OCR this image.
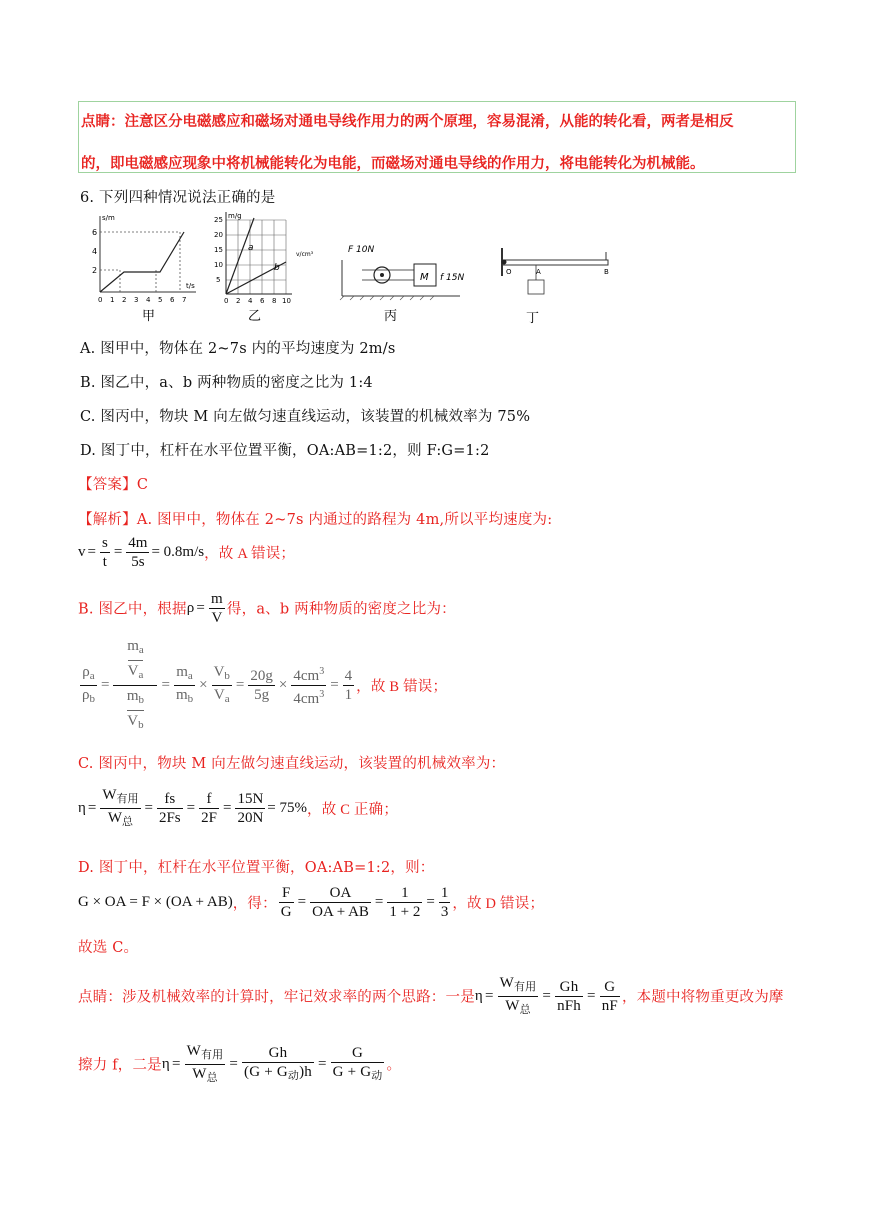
点睛：注意区分电磁感应和磁场对通电导线作用力的两个原理，容易混淆，从能的转化看，两者是相反
的，即电磁感应现象中将机械能转化为电能，而磁场对通电导线的作用力，将电能转化为机械能。
6. 下列四种情况说法正确的是
s/m
t/s
2
4
6
0 1 2 3 4 5 6 7
甲
m/g
v/cm³
5
10
15
20
25
0 2 4 6 8 10
a
b
乙
F 10N
M f 15N
丙
O	A	B
丁
A. 图甲中，物体在 2~7s 内的平均速度为 2m/s
B. 图乙中，a、b 两种物质的密度之比为 1:4
C. 图丙中，物块 M 向左做匀速直线运动，该装置的机械效率为 75%
D. 图丁中，杠杆在水平位置平衡，OA:AB=1:2，则 F:G=1:2
【答案】C
【解析】A. 图甲中，物体在 2~7s 内通过的路程为 4m,所以平均速度为:
$v = \frac{s}{t} = \frac{4m}{5s} = 0.8m/s$，故 A 错误；
B. 图乙中，根据$\rho = \frac{m}{V}$ 得，a、b 两种物质的密度之比为：
$\frac{\rho_a}{\rho_b}$ =
$m_a$
$V_a$
$m_b$
$V_b$
= $\frac{m_a}{m_b} \times \frac{V_b}{V_a} = \frac{20g}{5g} \times \frac{4cm^3}{4cm^3} = \frac{4}{1}$ ，故 B 错误；
C. 图丙中，物块 M 向左做匀速直线运动，该装置的机械效率为：
$\eta = \frac{W_{有用}}{W_总} = \frac{fs}{2Fs} = \frac{f}{2F} = \frac{15N}{20N} = 75\%$，故 C 正确；
D. 图丁中，杠杆在水平位置平衡，OA:AB=1:2，则：
G × OA = F × (OA + AB)，得： $\frac{F}{G} = \frac{OA}{OA + AB} = \frac{1}{1 + 2} = \frac{1}{3}$ ，故 D 错误；
故选 C。
点睛：涉及机械效率的计算时，牢记效求率的两个思路：一是$\eta = \frac{W_{有用}}{W_总} = \frac{Gh}{\text{nFh}} = \frac{G}{nF}$ ，本题中将物重更改为摩
擦力 f，二是$\eta = \frac{W_{有用}}{W_总} = \frac{Gh}{(G + G_动)h} = \frac{G}{G + G_动}$ 。
